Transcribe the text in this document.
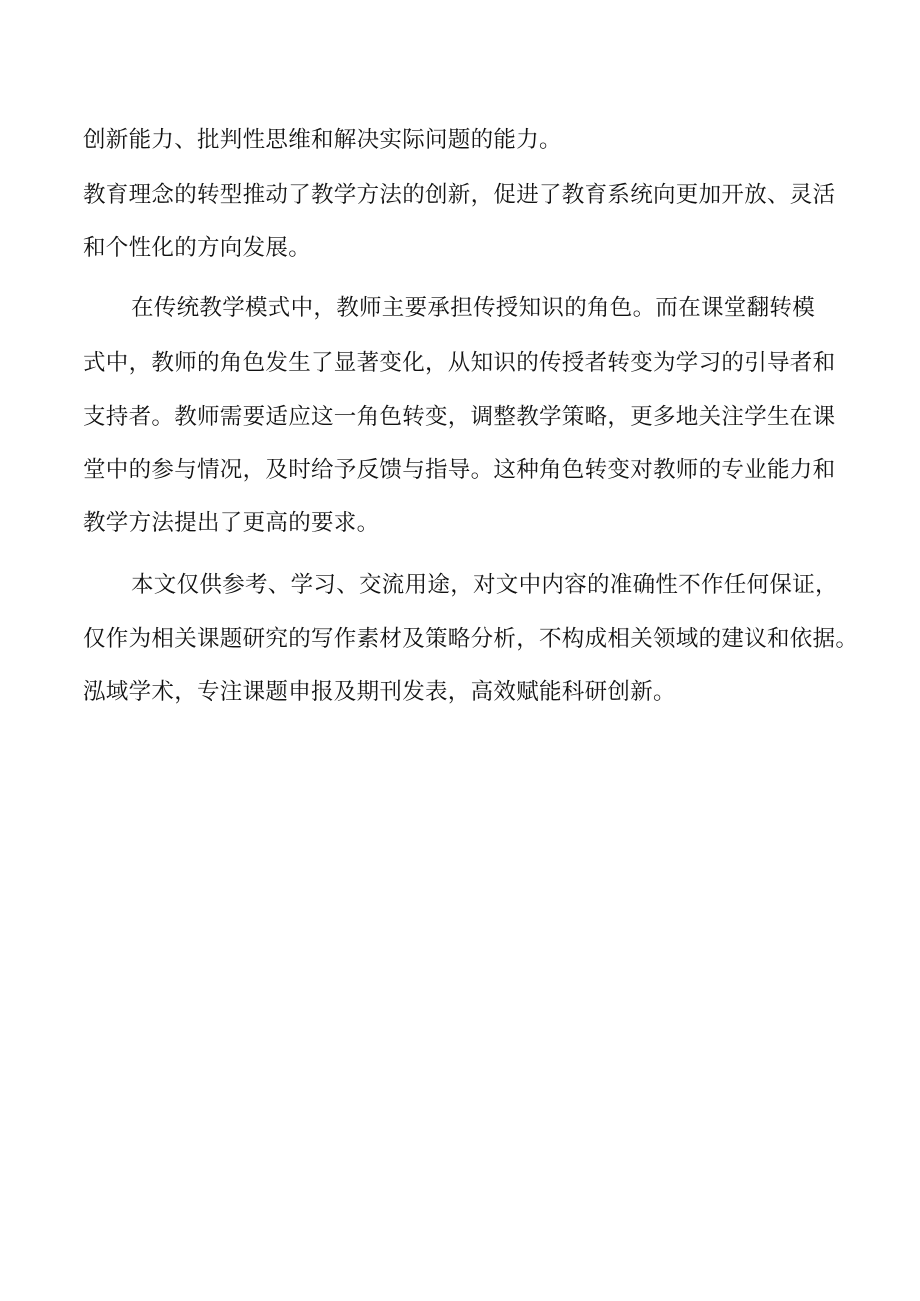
创新能力、批判性思维和解决实际问题的能力。
教育理念的转型推动了教学方法的创新，促进了教育系统向更加开放、灵活
和个性化的方向发展。
在传统教学模式中，教师主要承担传授知识的角色。而在课堂翻转模
式中，教师的角色发生了显著变化，从知识的传授者转变为学习的引导者和
支持者。教师需要适应这一角色转变，调整教学策略，更多地关注学生在课
堂中的参与情况，及时给予反馈与指导。这种角色转变对教师的专业能力和
教学方法提出了更高的要求。
本文仅供参考、学习、交流用途，对文中内容的准确性不作任何保证，
仅作为相关课题研究的写作素材及策略分析，不构成相关领域的建议和依据。
泓域学术，专注课题申报及期刊发表，高效赋能科研创新。
